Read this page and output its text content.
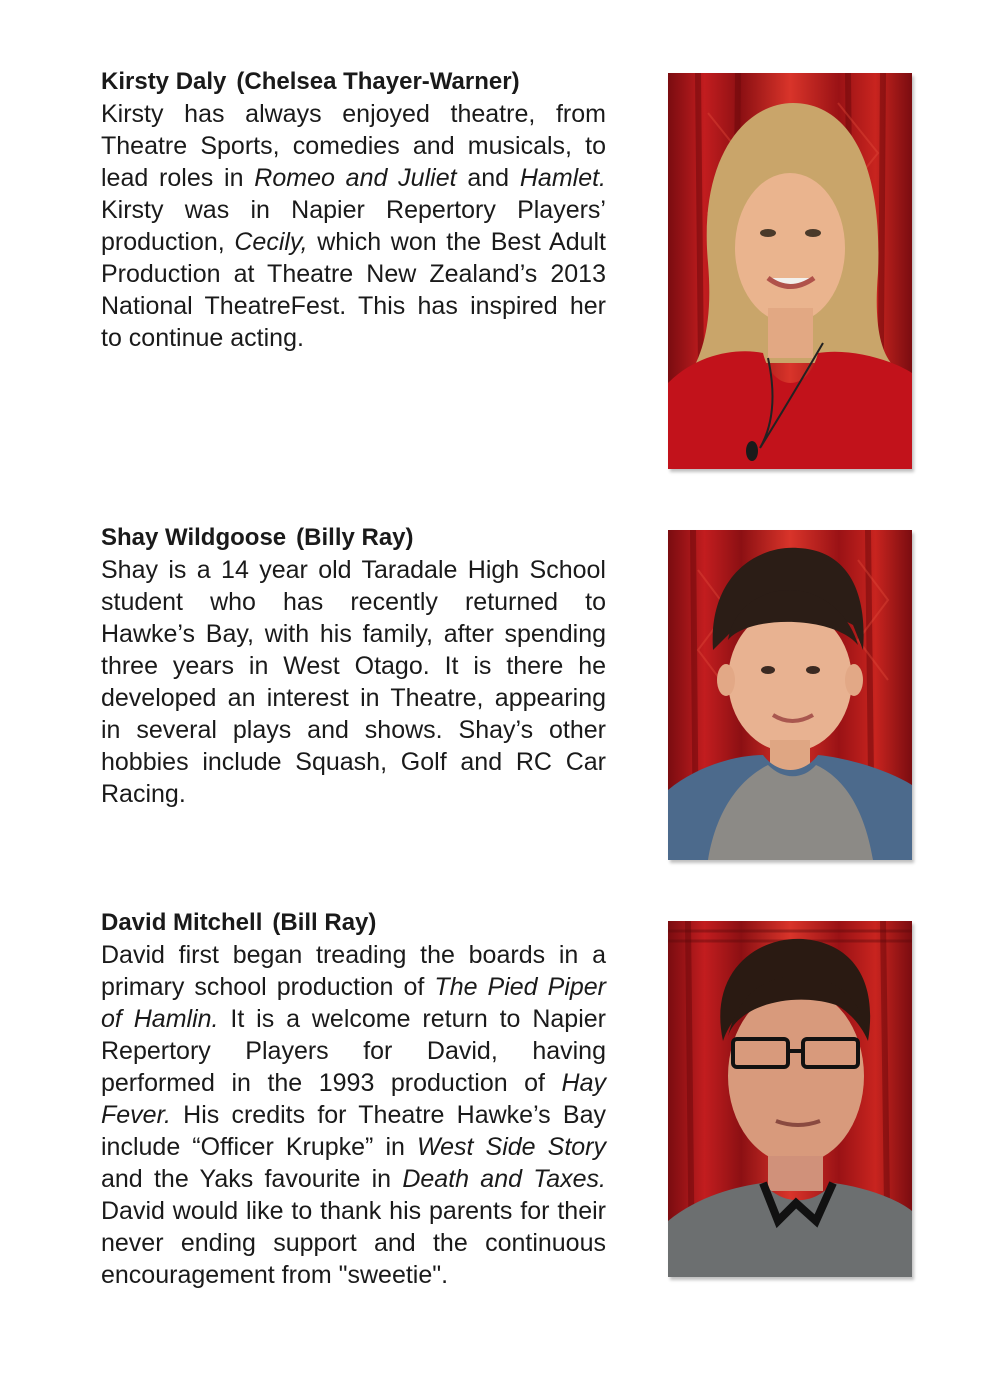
Kirsty Daly (Chelsea Thayer-Warner)

Kirsty has always enjoyed theatre, from Theatre Sports, comedies and musicals, to lead roles in Romeo and Juliet and Hamlet. Kirsty was in Napier Repertory Players’ production, Cecily, which won the Best Adult Production at Theatre New Zealand’s 2013 National TheatreFest. This has inspired her to continue acting.

Shay Wildgoose (Billy Ray)

Shay is a 14 year old Taradale High School student who has recently returned to Hawke’s Bay, with his family, after spending three years in West Otago. It is there he developed an interest in Theatre, appearing in several plays and shows. Shay’s other hobbies include Squash, Golf and RC Car Racing.

David Mitchell (Bill Ray)

David first began treading the boards in a primary school production of The Pied Piper of Hamlin. It is a welcome return to Napier Repertory Players for David, having performed in the 1993 production of Hay Fever. His credits for Theatre Hawke’s Bay include “Officer Krupke” in West Side Story and the Yaks favourite in Death and Taxes. David would like to thank his parents for their never ending support and the continuous encouragement from "sweetie".
